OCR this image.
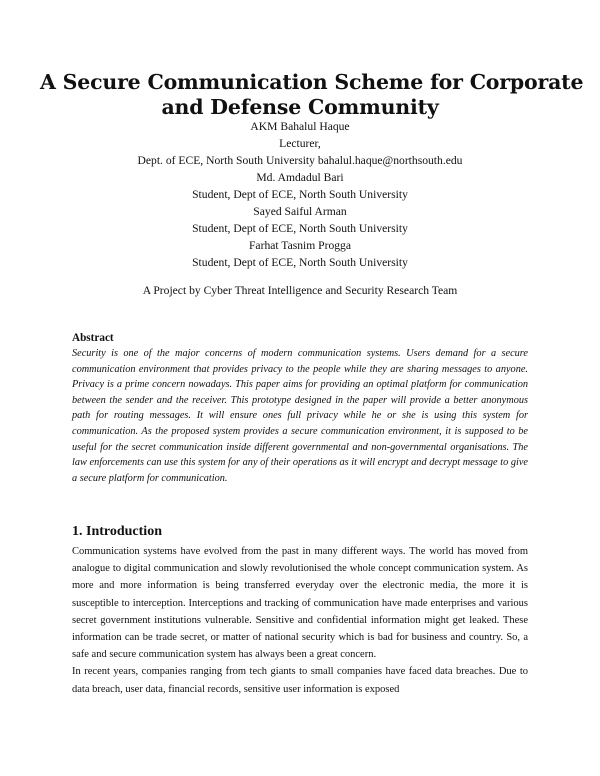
A Secure Communication Scheme for Corporate
and Defense Community
AKM Bahalul Haque
Lecturer,
Dept. of ECE, North South University bahalul.haque@northsouth.edu
Md. Amdadul Bari
Student, Dept of ECE, North South University
Sayed Saiful Arman
Student, Dept of ECE, North South University
Farhat Tasnim Progga
Student, Dept of ECE, North South University
A Project by Cyber Threat Intelligence and Security Research Team
Abstract
Security is one of the major concerns of modern communication systems. Users demand for a secure communication environment that provides privacy to the people while they are sharing messages to anyone. Privacy is a prime concern nowadays. This paper aims for providing an optimal platform for communication between the sender and the receiver. This prototype designed in the paper will provide a better anonymous path for routing messages. It will ensure ones full privacy while he or she is using this system for communication. As the proposed system provides a secure communication environment, it is supposed to be useful for the secret communication inside different governmental and non-governmental organisations. The law enforcements can use this system for any of their operations as it will encrypt and decrypt message to give a secure platform for communication.
1. Introduction

Communication systems have evolved from the past in many different ways. The world has moved from analogue to digital communication and slowly revolutionised the whole concept communication system. As more and more information is being transferred everyday over the electronic media, the more it is susceptible to interception. Interceptions and tracking of communication have made enterprises and various secret government institutions vulnerable. Sensitive and confidential information might get leaked. These information can be trade secret, or matter of national security which is bad for business and country. So, a safe and secure communication system has always been a great concern.

In recent years, companies ranging from tech giants to small companies have faced data breaches. Due to data breach, user data, financial records, sensitive user information is exposed
